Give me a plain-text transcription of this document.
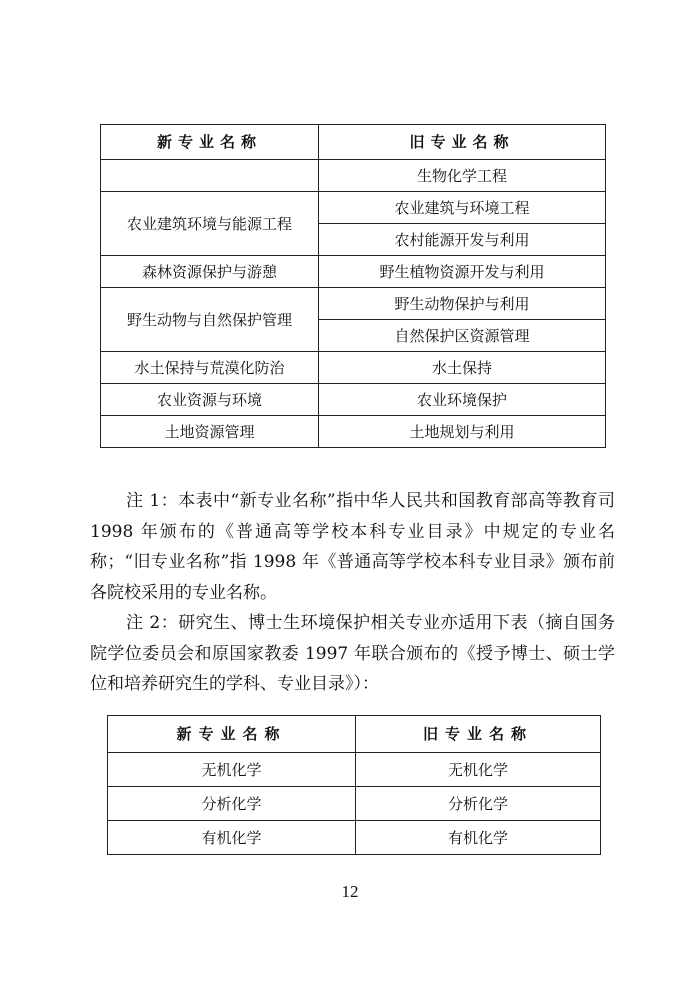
新专业名称	旧专业名称
	生物化学工程
农业建筑环境与能源工程	农业建筑与环境工程
	农村能源开发与利用
森林资源保护与游憩	野生植物资源开发与利用
野生动物与自然保护管理	野生动物保护与利用
	自然保护区资源管理
水土保持与荒漠化防治	水土保持
农业资源与环境	农业环境保护
土地资源管理	土地规划与利用

注 1：本表中“新专业名称”指中华人民共和国教育部高等教育司 1998 年颁布的《普通高等学校本科专业目录》中规定的专业名称；“旧专业名称”指 1998 年《普通高等学校本科专业目录》颁布前各院校采用的专业名称。

注 2：研究生、博士生环境保护相关专业亦适用下表（摘自国务院学位委员会和原国家教委 1997 年联合颁布的《授予博士、硕士学位和培养研究生的学科、专业目录》）：

新专业名称	旧专业名称
无机化学	无机化学
分析化学	分析化学
有机化学	有机化学
12
